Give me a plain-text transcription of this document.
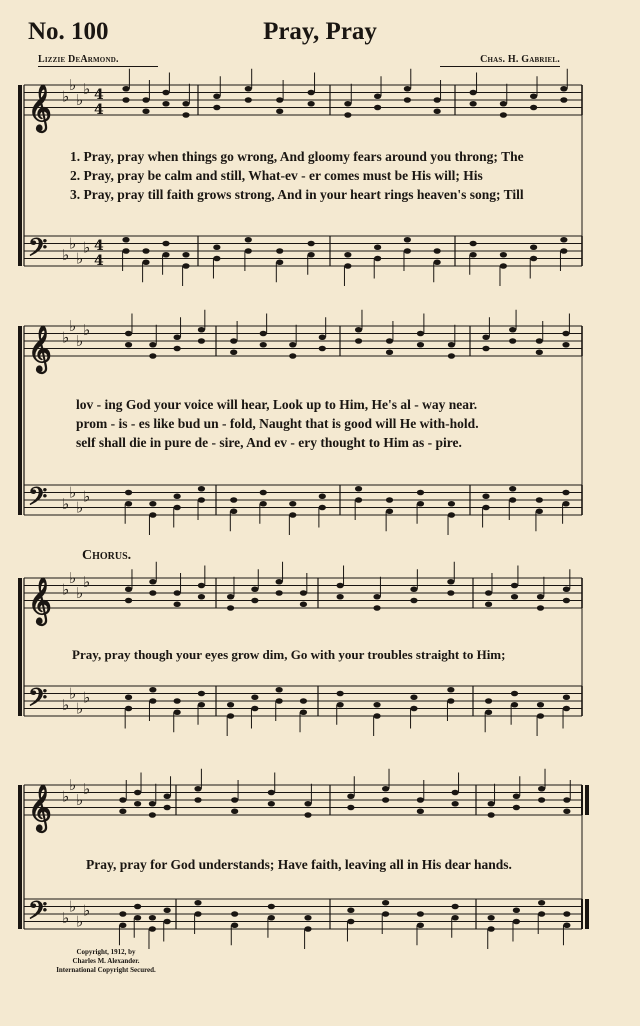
No. 100	Pray, Pray
Lizzie DeArmond.	Chas. H. Gabriel.
𝄞 ♭
♭
♭
♭ 4
4
𝄢 ♭
♭
♭
♭ 4
4
𝄞 ♭
♭
♭
♭
𝄢 ♭
♭
♭
♭
𝄞 ♭
♭
♭
♭
𝄢 ♭
♭
♭
♭
𝄞 ♭
♭
♭
♭
𝄢 ♭
♭
♭
♭
1. Pray, pray when things go wrong, And gloomy fears around you throng; The
2. Pray, pray be calm and still, What-ev - er comes must be His will; His
3. Pray, pray till faith grows strong, And in your heart rings heaven's song; Till
lov - ing God your voice will hear, Look up to Him, He's al - way near.
prom - is - es like bud un - fold, Naught that is good will He with-hold.
self shall die in pure de - sire, And ev - ery thought to Him as - pire.
Chorus.
Pray, pray though your eyes grow dim, Go with your troubles straight to Him;
Pray, pray for God understands; Have faith, leaving all in His dear hands.
Copyright, 1912, by
Charles M. Alexander.
International Copyright Secured.
